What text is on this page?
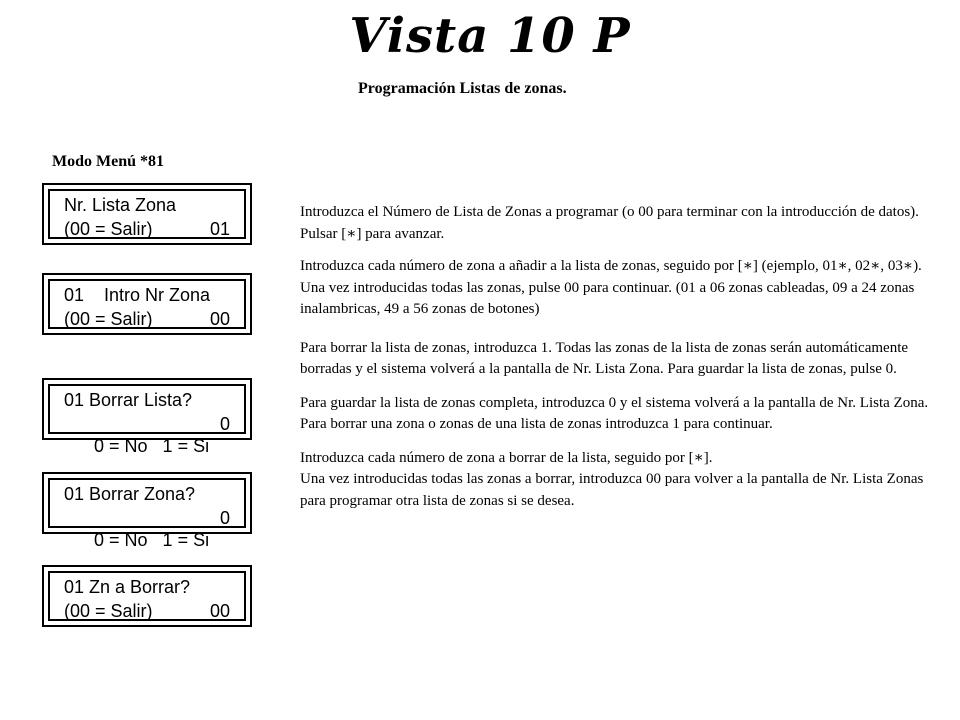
Vista 10 P
Programación Listas de zonas.
Modo Menú *81
Nr. Lista Zona
(00 = Salir)	01
01    Intro Nr Zona
(00 = Salir)	00
01 Borrar Lista?

0 = No   1 = Si

0

01 Borrar Zona?

0 = No   1 = Si

0

01 Zn a Borrar?
(00 = Salir)	00

Introduzca el Número de Lista de Zonas a programar (o 00 para terminar con la introducción de datos). Pulsar [∗] para avanzar.

Introduzca cada número de zona a añadir a la lista de zonas, seguido por [∗] (ejemplo, 01∗, 02∗, 03∗). Una vez introducidas todas las zonas, pulse 00 para continuar. (01 a 06 zonas cableadas, 09 a 24 zonas inalambricas, 49 a 56 zonas de botones)

Para borrar la lista de zonas, introduzca 1. Todas las zonas de la lista de zonas serán automáticamente borradas y el sistema volverá a la pantalla de Nr. Lista Zona. Para guardar la lista de zonas, pulse 0.

Para guardar la lista de zonas completa, introduzca 0 y el sistema volverá a la pantalla de Nr. Lista Zona. Para borrar una zona o zonas de una lista de zonas introduzca 1 para continuar.

Introduzca cada número de zona a borrar de la lista, seguido por [∗].
Una vez introducidas todas las zonas a borrar, introduzca 00 para volver a la pantalla de Nr. Lista Zonas para programar otra lista de zonas si se desea.
